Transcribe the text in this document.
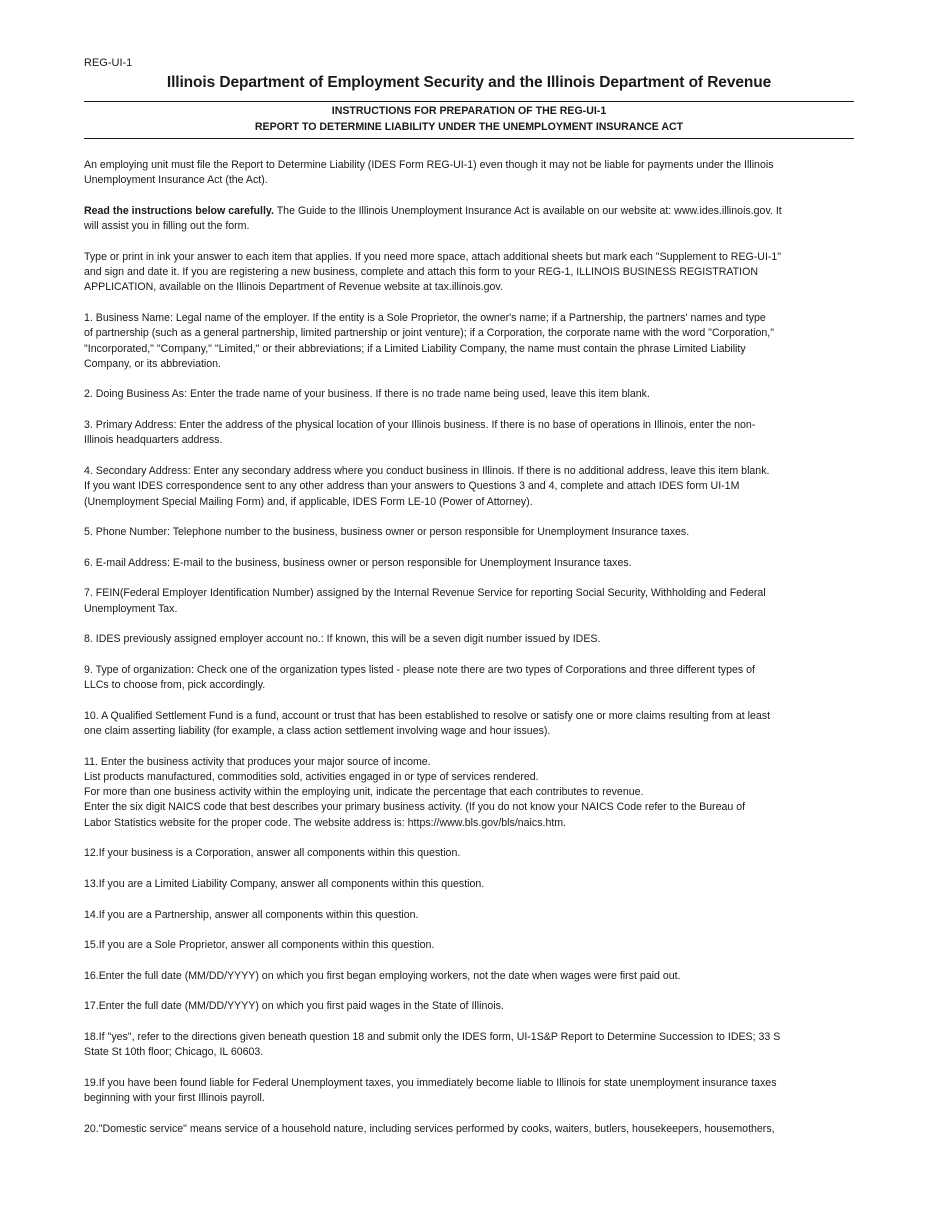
REG-UI-1

Illinois Department of Employment Security and the Illinois Department of Revenue

INSTRUCTIONS FOR PREPARATION OF THE REG-UI-1
REPORT TO DETERMINE LIABILITY UNDER THE UNEMPLOYMENT INSURANCE ACT

An employing unit must file the Report to Determine Liability (IDES Form REG-UI-1) even though it may not be liable for payments under the Illinois
Unemployment Insurance Act (the Act).

Read the instructions below carefully. The Guide to the Illinois Unemployment Insurance Act is available on our website at: www.ides.illinois.gov. It
will assist you in filling out the form.

Type or print in ink your answer to each item that applies. If you need more space, attach additional sheets but mark each "Supplement to REG-UI-1"
and sign and date it. If you are registering a new business, complete and attach this form to your REG-1, ILLINOIS BUSINESS REGISTRATION
APPLICATION, available on the Illinois Department of Revenue website at tax.illinois.gov.

1. Business Name: Legal name of the employer. If the entity is a Sole Proprietor, the owner's name; if a Partnership, the partners' names and type
of partnership (such as a general partnership, limited partnership or joint venture); if a Corporation, the corporate name with the word "Corporation,"
"Incorporated," "Company," "Limited," or their abbreviations; if a Limited Liability Company, the name must contain the phrase Limited Liability
Company, or its abbreviation.

2. Doing Business As: Enter the trade name of your business. If there is no trade name being used, leave this item blank.

3. Primary Address: Enter the address of the physical location of your Illinois business. If there is no base of operations in Illinois, enter the non-
Illinois headquarters address.

4. Secondary Address: Enter any secondary address where you conduct business in Illinois. If there is no additional address, leave this item blank.
If you want IDES correspondence sent to any other address than your answers to Questions 3 and 4, complete and attach IDES form UI-1M
(Unemployment Special Mailing Form) and, if applicable, IDES Form LE-10 (Power of Attorney).

5. Phone Number: Telephone number to the business, business owner or person responsible for Unemployment Insurance taxes.

6. E-mail Address: E-mail to the business, business owner or person responsible for Unemployment Insurance taxes.

7. FEIN(Federal Employer Identification Number) assigned by the Internal Revenue Service for reporting Social Security, Withholding and Federal
Unemployment Tax.

8. IDES previously assigned employer account no.: If known, this will be a seven digit number issued by IDES.

9. Type of organization: Check one of the organization types listed - please note there are two types of Corporations and three different types of
LLCs to choose from, pick accordingly.

10. A Qualified Settlement Fund is a fund, account or trust that has been established to resolve or satisfy one or more claims resulting from at least
one claim asserting liability (for example, a class action settlement involving wage and hour issues).

11. Enter the business activity that produces your major source of income.
List products manufactured, commodities sold, activities engaged in or type of services rendered.
For more than one business activity within the employing unit, indicate the percentage that each contributes to revenue.
Enter the six digit NAICS code that best describes your primary business activity. (If you do not know your NAICS Code refer to the Bureau of
Labor Statistics website for the proper code. The website address is: https://www.bls.gov/bls/naics.htm.

12.If your business is a Corporation, answer all components within this question.

13.If you are a Limited Liability Company, answer all components within this question.

14.If you are a Partnership, answer all components within this question.

15.If you are a Sole Proprietor, answer all components within this question.

16.Enter the full date (MM/DD/YYYY) on which you first began employing workers, not the date when wages were first paid out.

17.Enter the full date (MM/DD/YYYY) on which you first paid wages in the State of Illinois.

18.If "yes", refer to the directions given beneath question 18 and submit only the IDES form, UI-1S&P Report to Determine Succession to IDES; 33 S
State St 10th floor; Chicago, IL 60603.

19.If you have been found liable for Federal Unemployment taxes, you immediately become liable to Illinois for state unemployment insurance taxes
beginning with your first Illinois payroll.

20."Domestic service" means service of a household nature, including services performed by cooks, waiters, butlers, housekeepers, housemothers,
